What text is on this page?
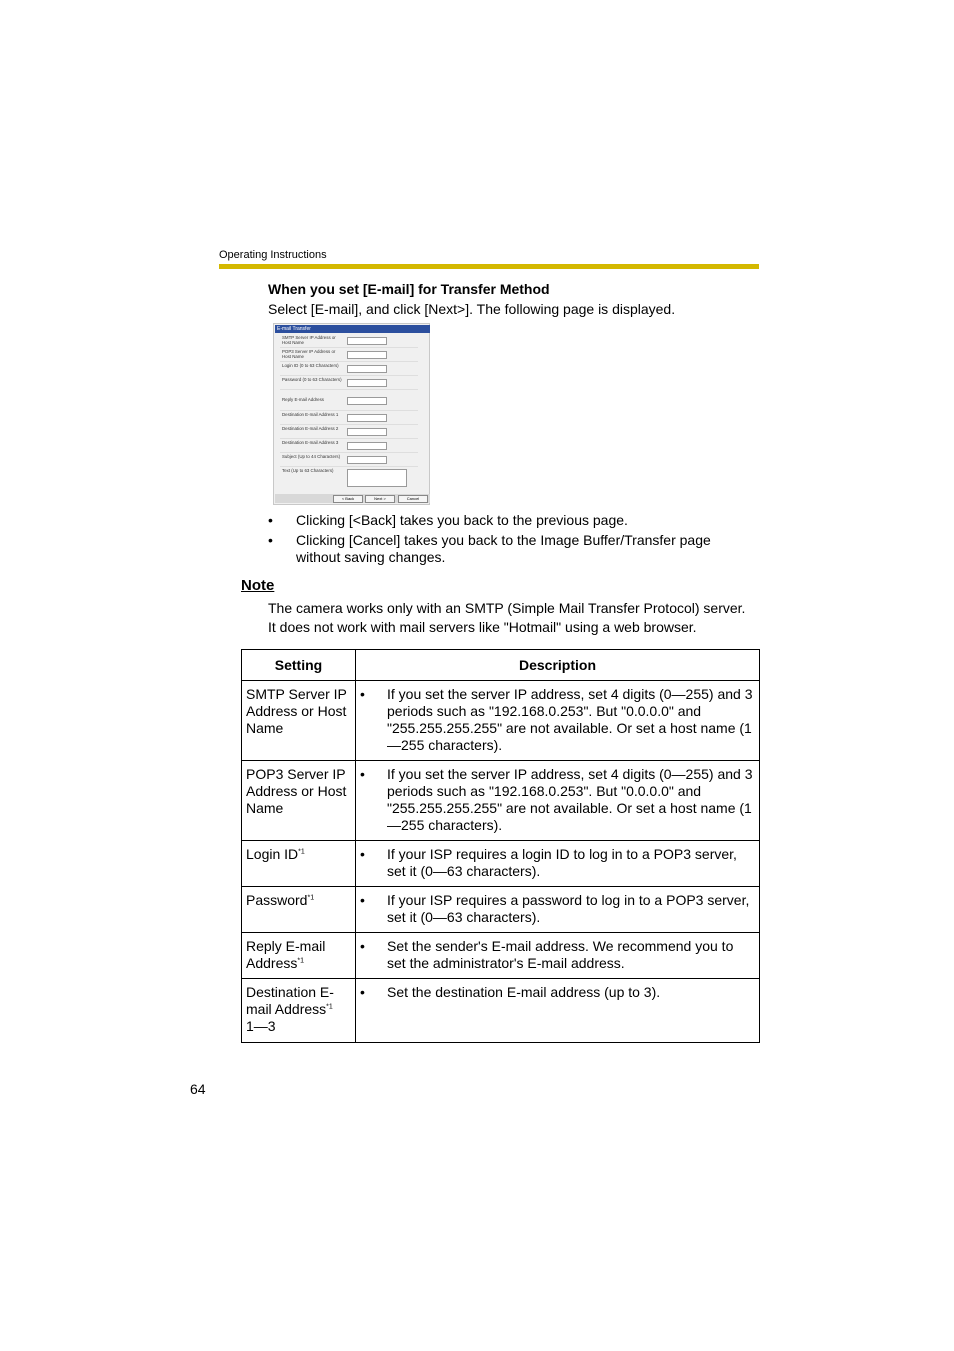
Operating Instructions
When you set [E-mail] for Transfer Method
Select [E-mail], and click [Next>]. The following page is displayed.
E-mail Transfer
SMTP Server IP Address or Host Name
POP3 Server IP Address or Host Name
Login ID (0 to 63 Characters)
Password (0 to 63 Characters)
Reply E-mail Address
Destination E-mail Address 1
Destination E-mail Address 2
Destination E-mail Address 3
Subject (Up to 44 Characters)
Text (Up to 63 Characters)
< Back	Next >	Cancel
• Clicking [<Back] takes you back to the previous page.
• Clicking [Cancel] takes you back to the Image Buffer/Transfer page without saving changes.
Note
The camera works only with an SMTP (Simple Mail Transfer Protocol) server.
It does not work with mail servers like "Hotmail" using a web browser.
Setting	Description
SMTP Server IP Address or Host Name	• If you set the server IP address, set 4 digits (0—255) and 3 periods such as "192.168.0.253". But "0.0.0.0" and "255.255.255.255" are not available. Or set a host name (1—255 characters).

POP3 Server IP Address or Host Name	• If you set the server IP address, set 4 digits (0—255) and 3 periods such as "192.168.0.253". But "0.0.0.0" and "255.255.255.255" are not available. Or set a host name (1—255 characters).

Login ID$^{*1}$	• If your ISP requires a login ID to log in to a POP3 server, set it (0—63 characters).

Password$^{*1}$	• If your ISP requires a password to log in to a POP3 server, set it (0—63 characters).

Reply E-mail Address$^{*1}$	• Set the sender's E-mail address. We recommend you to set the administrator's E-mail address.

Destination E-mail Address$^{*1}$
1—3	• Set the destination E-mail address (up to 3).
64
